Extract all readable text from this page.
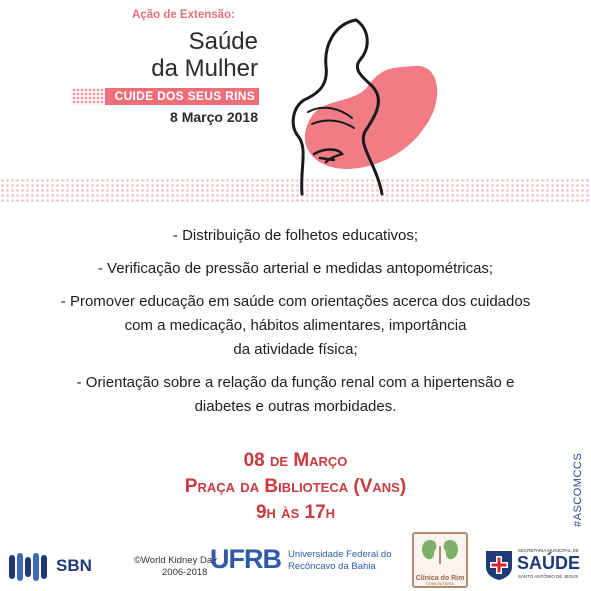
Ação de Extensão:
Saúde
da Mulher
CUIDE DOS SEUS RINS
8 Março 2018
- Distribuição de folhetos educativos;
- Verificação de pressão arterial e medidas antopométricas;
- Promover educação em saúde com orientações acerca dos cuidados
com a medicação, hábitos alimentares, importância
da atividade física;
- Orientação sobre a relação da função renal com a hipertensão e
diabetes e outras morbidades.
08 de Março
Praça da Biblioteca (Vans)
9h às 17h	#ASCOMCCS
SBN	©World Kidney Day
2006-2018 UFRB Universidade Federal do
Recôncavo da Bahia
Clínica do Rim
COMUNITÁRIA
SECRETARIA MUNICIPAL DE
SAÚDE
SANTO ANTÔNIO DE JESUS
